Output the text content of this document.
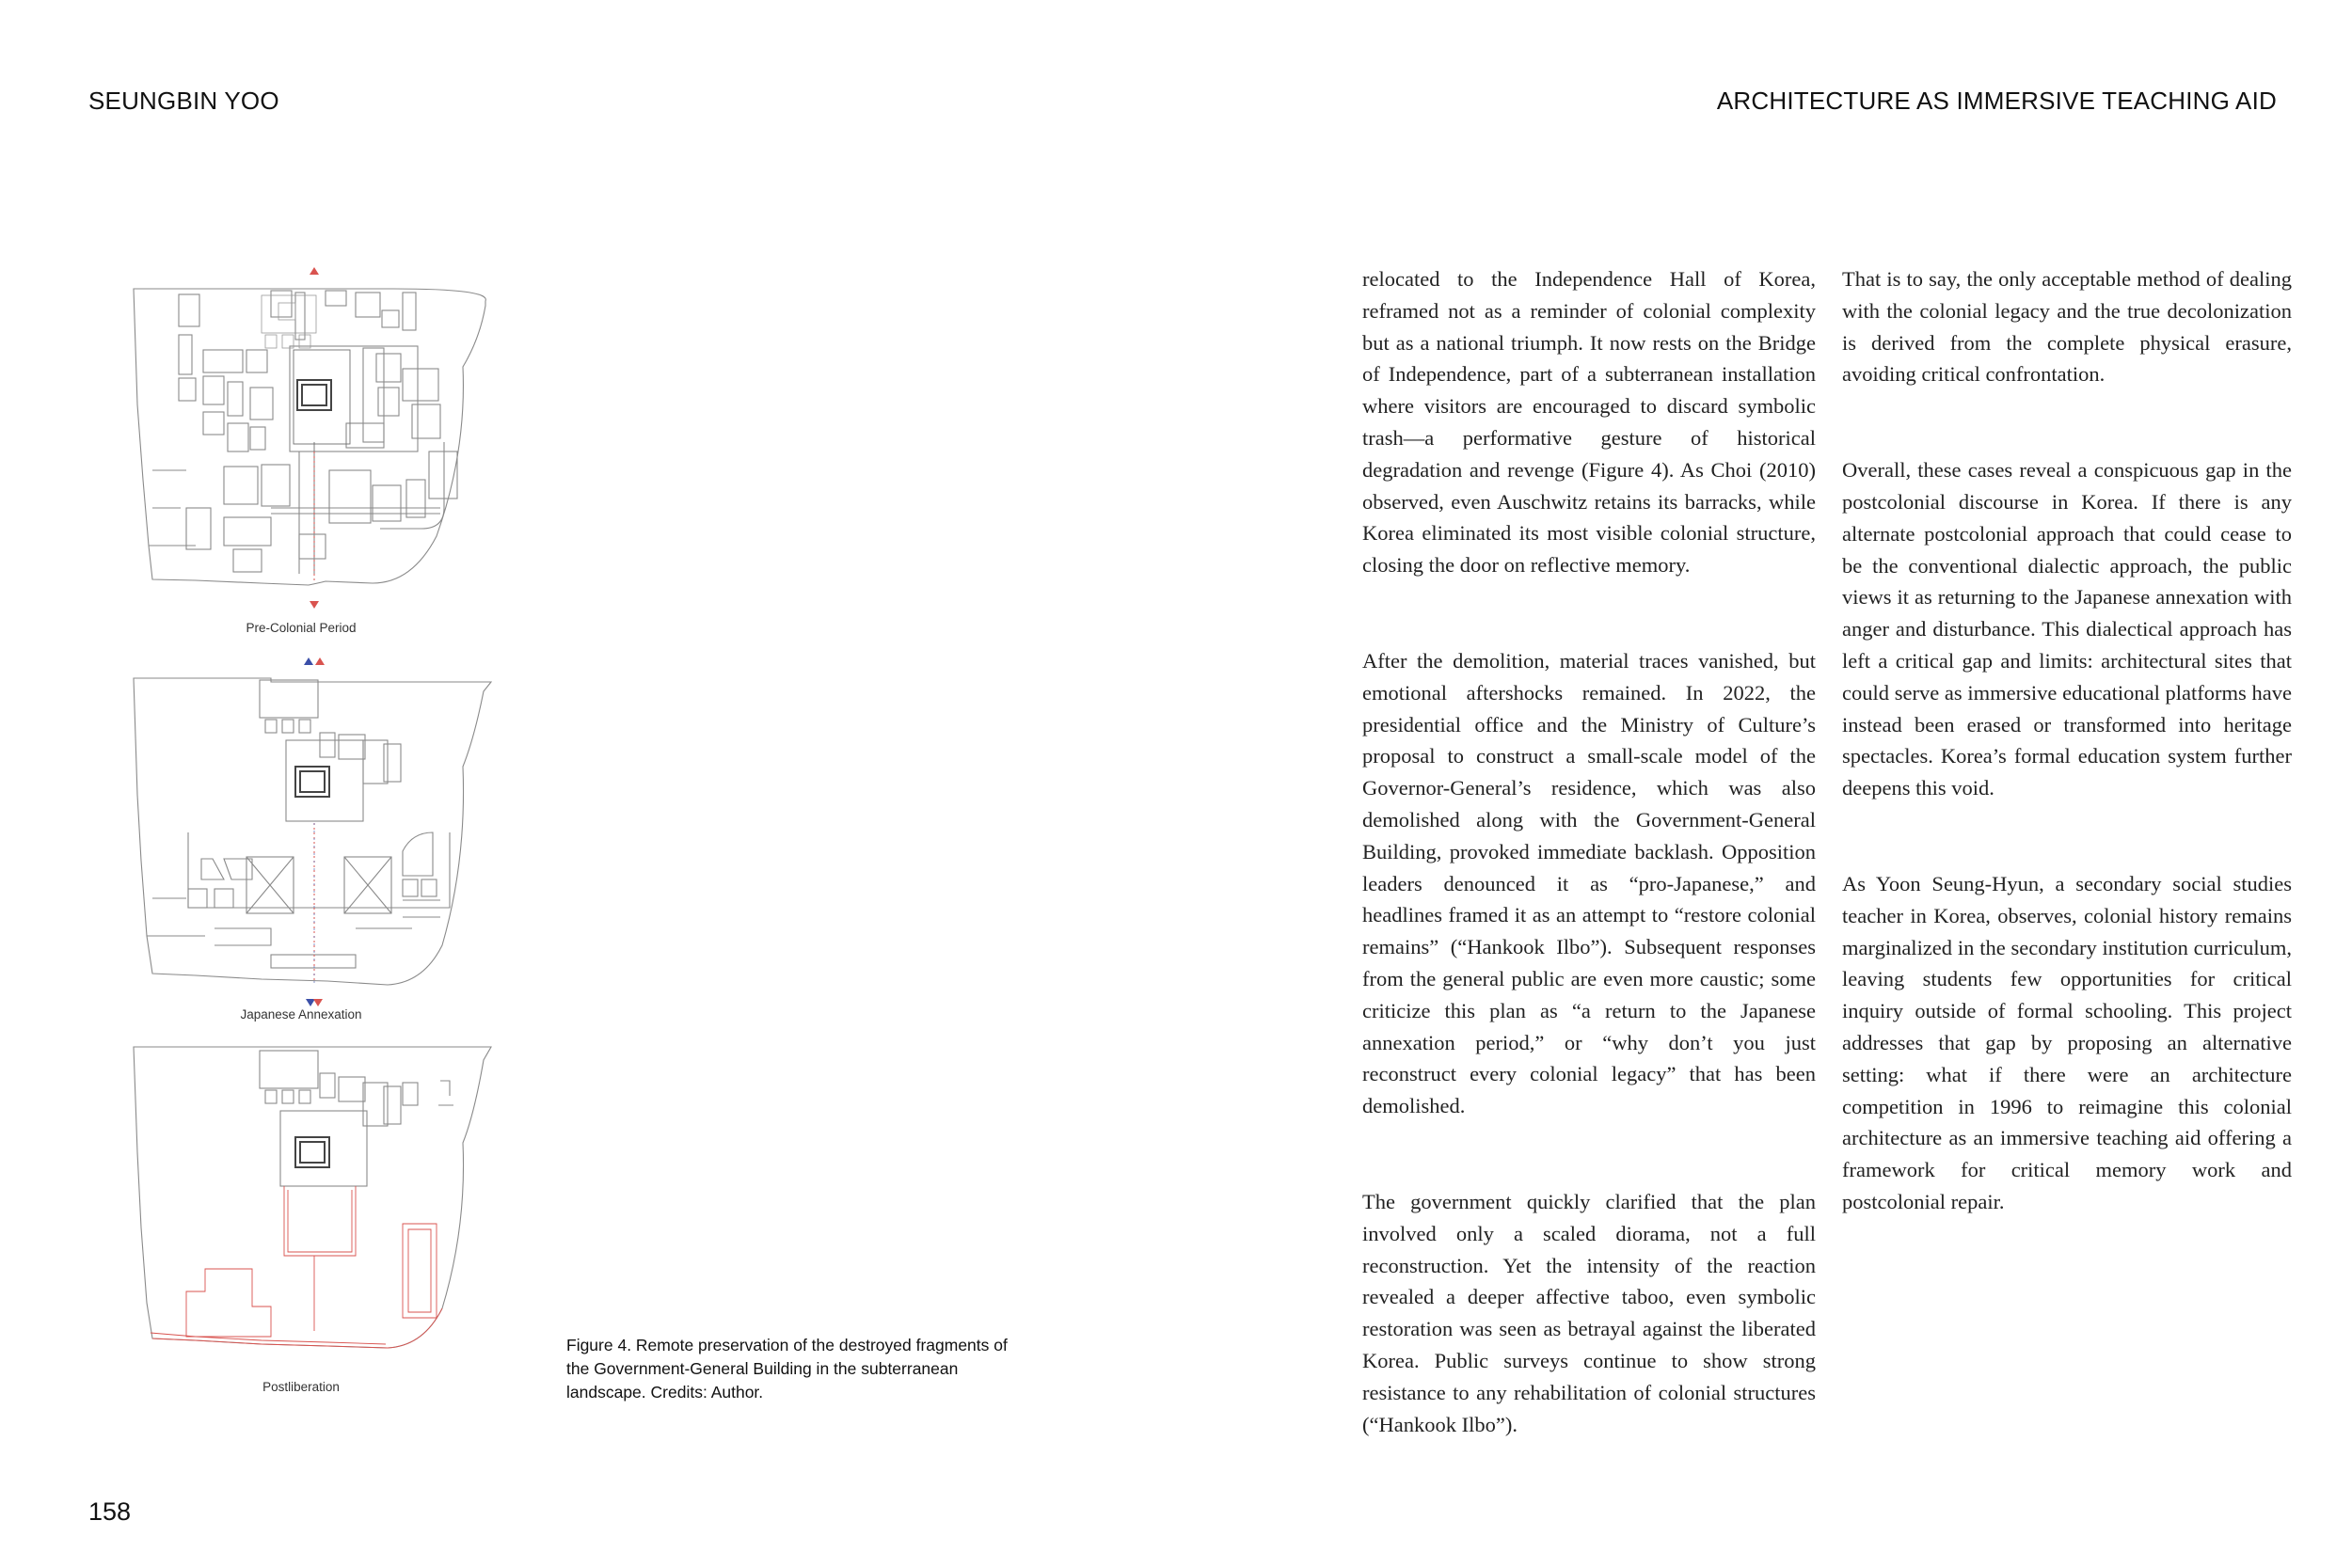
SEUNGBIN YOO	ARCHITECTURE AS IMMERSIVE TEACHING AID
Pre-Colonial Period
Japanese Annexation
Postliberation
Figure 4. Remote preservation of the destroyed fragments of the Government-General Building in the subterranean landscape. Credits: Author.

relocated to the Independence Hall of Korea, reframed not as a reminder of colonial complexity but as a national triumph. It now rests on the Bridge of Independence, part of a subterranean installation where visitors are encouraged to discard symbolic trash—a performative gesture of historical degradation and revenge (Figure 4). As Choi (2010) observed, even Auschwitz retains its barracks, while Korea eliminated its most visible colonial structure, closing the door on reflective memory.

After the demolition, material traces vanished, but emotional aftershocks remained. In 2022, the presidential office and the Ministry of Culture’s proposal to construct a small-scale model of the Governor-General’s residence, which was also demolished along with the Government-General Building, provoked immediate backlash. Opposition leaders denounced it as “pro-Japanese,” and headlines framed it as an attempt to “restore colonial remains” (“Hankook Ilbo”). Subsequent responses from the general public are even more caustic; some criticize this plan as “a return to the Japanese annexation period,” or “why don’t you just reconstruct every colonial legacy” that has been demolished.

The government quickly clarified that the plan involved only a scaled diorama, not a full reconstruction. Yet the intensity of the reaction revealed a deeper affective taboo, even symbolic restoration was seen as betrayal against the liberated Korea. Public surveys continue to show strong resistance to any rehabilitation of colonial structures (“Hankook Ilbo”).

That is to say, the only acceptable method of dealing with the colonial legacy and the true decolonization is derived from the complete physical erasure, avoiding critical confrontation.

Overall, these cases reveal a conspicuous gap in the postcolonial discourse in Korea. If there is any alternate postcolonial approach that could cease to be the conventional dialectic approach, the public views it as returning to the Japanese annexation with anger and disturbance. This dialectical approach has left a critical gap and limits: architectural sites that could serve as immersive educational platforms have instead been erased or transformed into heritage spectacles. Korea’s formal education system further deepens this void.

As Yoon Seung-Hyun, a secondary social studies teacher in Korea, observes, colonial history remains marginalized in the secondary institution curriculum, leaving students few opportunities for critical inquiry outside of formal schooling. This project addresses that gap by proposing an alternative setting: what if there were an architecture competition in 1996 to reimagine this colonial architecture as an immersive teaching aid offering a framework for critical memory work and postcolonial repair.

158
